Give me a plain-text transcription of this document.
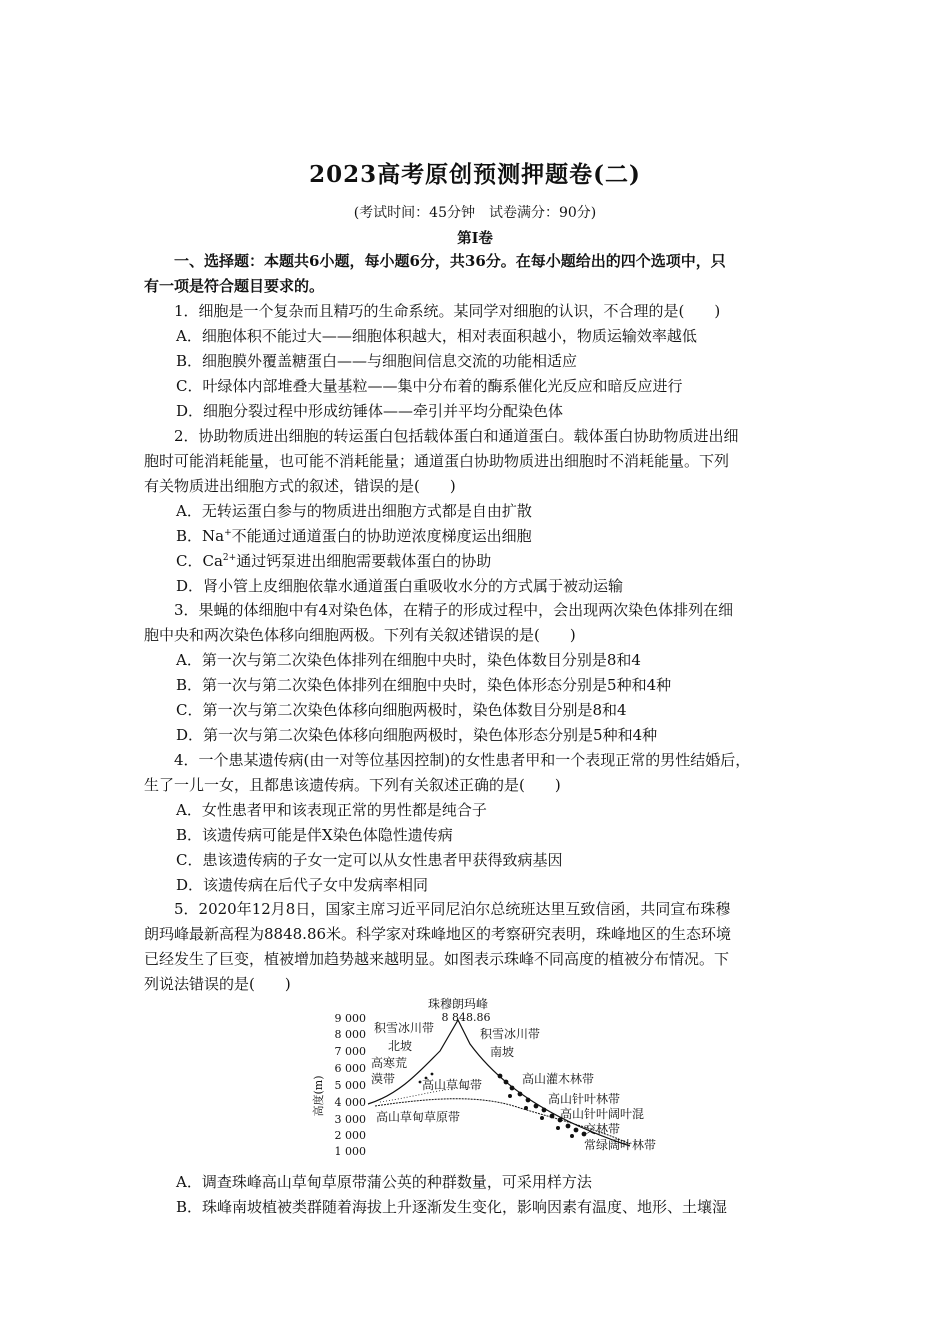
2023高考原创预测押题卷(二)
(考试时间：45分钟　试卷满分：90分)
第Ⅰ卷
一、选择题：本题共6小题，每小题6分，共36分。在每小题给出的四个选项中，只
有一项是符合题目要求的。
1．细胞是一个复杂而且精巧的生命系统。某同学对细胞的认识，不合理的是(　　)
A．细胞体积不能过大——细胞体积越大，相对表面积越小，物质运输效率越低
B．细胞膜外覆盖糖蛋白——与细胞间信息交流的功能相适应
C．叶绿体内部堆叠大量基粒——集中分布着的酶系催化光反应和暗反应进行
D．细胞分裂过程中形成纺锤体——牵引并平均分配染色体
2．协助物质进出细胞的转运蛋白包括载体蛋白和通道蛋白。载体蛋白协助物质进出细
胞时可能消耗能量，也可能不消耗能量；通道蛋白协助物质进出细胞时不消耗能量。下列
有关物质进出细胞方式的叙述，错误的是(　　)
A．无转运蛋白参与的物质进出细胞方式都是自由扩散
B．Na+不能通过通道蛋白的协助逆浓度梯度运出细胞
C．$Ca^{2+}$通过钙泵进出细胞需要载体蛋白的协助
D．肾小管上皮细胞依靠水通道蛋白重吸收水分的方式属于被动运输
3．果蝇的体细胞中有4对染色体，在精子的形成过程中，会出现两次染色体排列在细
胞中央和两次染色体移向细胞两极。下列有关叙述错误的是(　　)
A．第一次与第二次染色体排列在细胞中央时，染色体数目分别是8和4
B．第一次与第二次染色体排列在细胞中央时，染色体形态分别是5种和4种
C．第一次与第二次染色体移向细胞两极时，染色体数目分别是8和4
D．第一次与第二次染色体移向细胞两极时，染色体形态分别是5种和4种
4．一个患某遗传病(由一对等位基因控制)的女性患者甲和一个表现正常的男性结婚后，
生了一儿一女，且都患该遗传病。下列有关叙述正确的是(　　)
A．女性患者甲和该表现正常的男性都是纯合子
B．该遗传病可能是伴X染色体隐性遗传病
C．患该遗传病的子女一定可以从女性患者甲获得致病基因
D．该遗传病在后代子女中发病率相同
5．2020年12月8日，国家主席习近平同尼泊尔总统班达里互致信函，共同宣布珠穆
朗玛峰最新高程为8848.86米。科学家对珠峰地区的考察研究表明，珠峰地区的生态环境
已经发生了巨变，植被增加趋势越来越明显。如图表示珠峰不同高度的植被分布情况。下
列说法错误的是(　　)
高度(m)
9 000
8 000
7 000
6 000
5 000
4 000
3 000
2 000
1 000
珠穆朗玛峰
8 848.86
积雪冰川带
北坡
高寒荒
漠带 高山草甸带
高山草甸草原带
积雪冰川带
南坡
高山灌木林带
高山针叶林带
高山针叶阔叶混
交林带
常绿阔叶林带
A．调查珠峰高山草甸草原带蒲公英的种群数量，可采用样方法
B．珠峰南坡植被类群随着海拔上升逐渐发生变化，影响因素有温度、地形、土壤湿
